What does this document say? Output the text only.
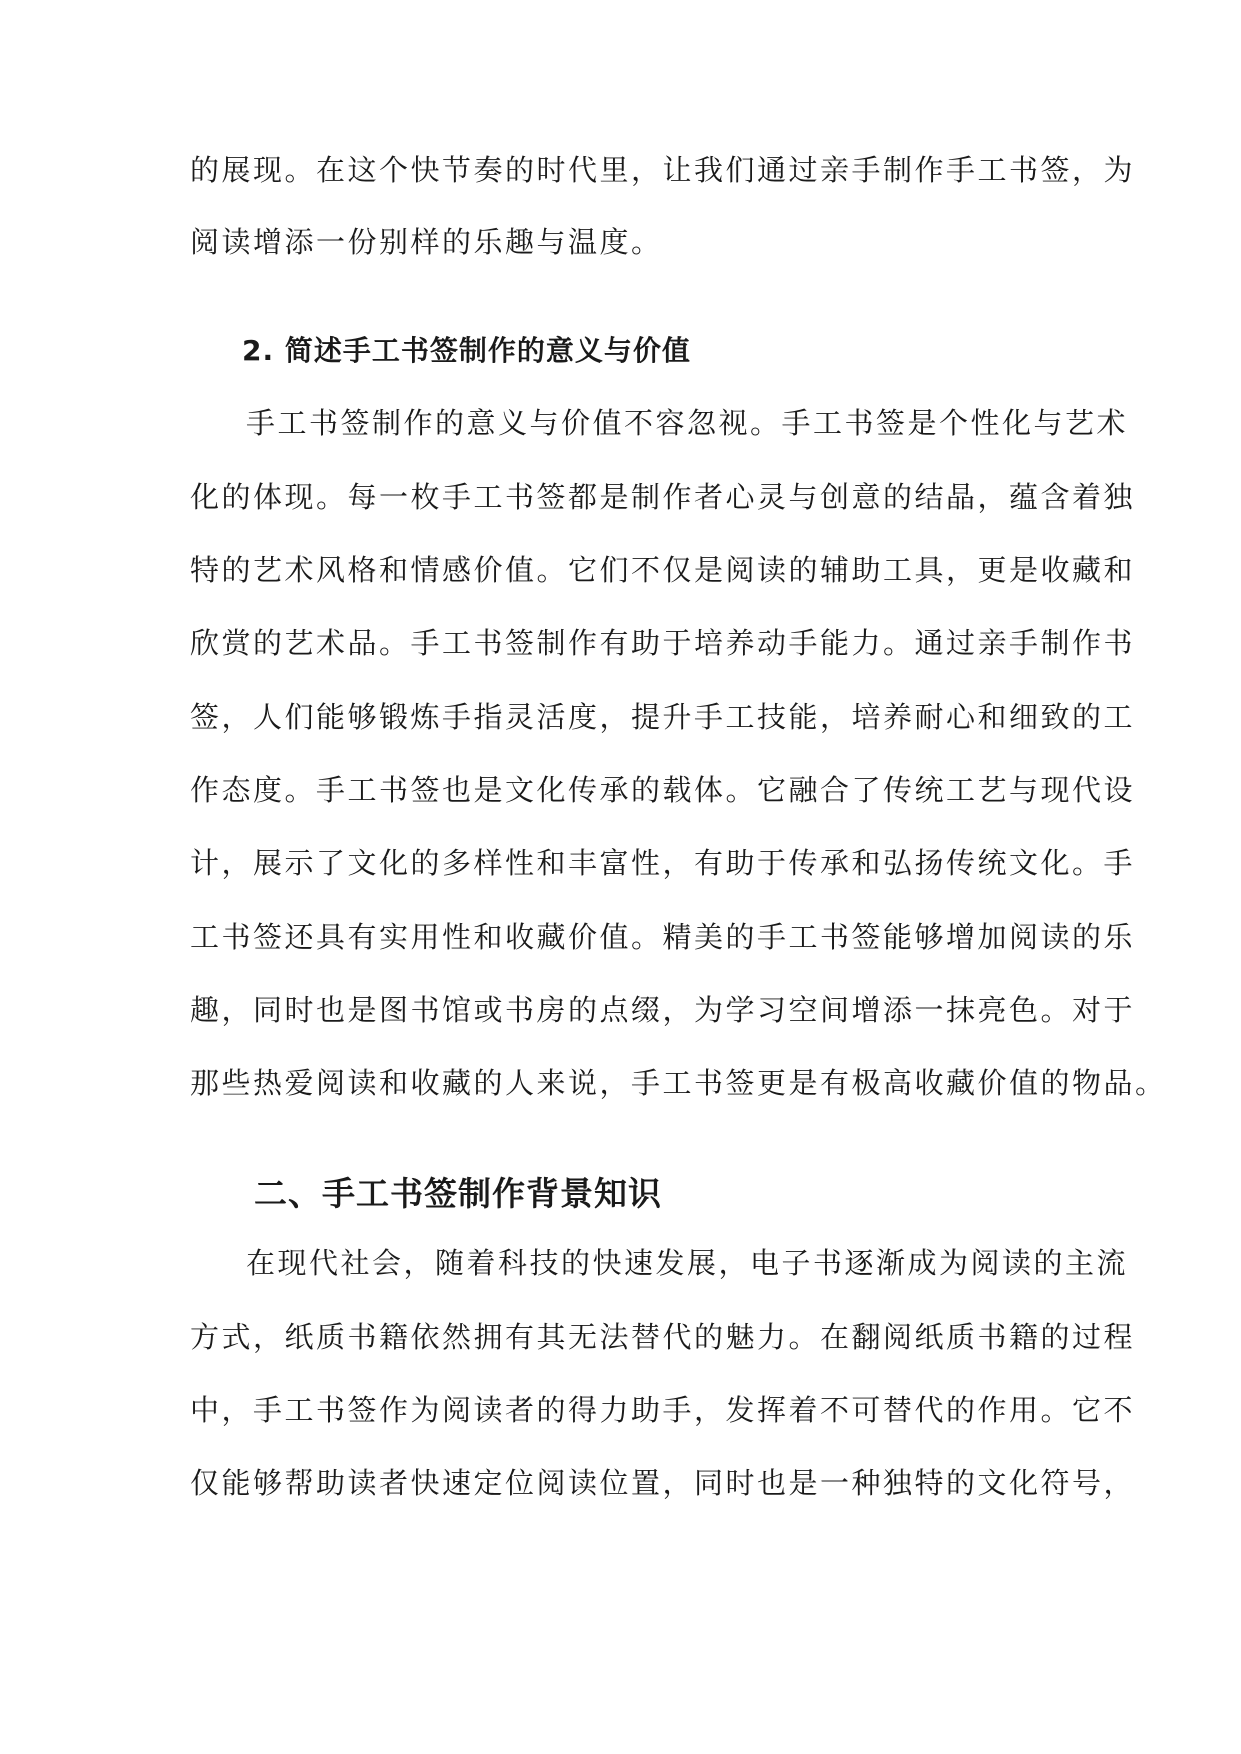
的展现。在这个快节奏的时代里，让我们通过亲手制作手工书签，为
阅读增添一份别样的乐趣与温度。
2. 简述手工书签制作的意义与价值
手工书签制作的意义与价值不容忽视。手工书签是个性化与艺术
化的体现。每一枚手工书签都是制作者心灵与创意的结晶，蕴含着独
特的艺术风格和情感价值。它们不仅是阅读的辅助工具，更是收藏和
欣赏的艺术品。手工书签制作有助于培养动手能力。通过亲手制作书
签，人们能够锻炼手指灵活度，提升手工技能，培养耐心和细致的工
作态度。手工书签也是文化传承的载体。它融合了传统工艺与现代设
计，展示了文化的多样性和丰富性，有助于传承和弘扬传统文化。手
工书签还具有实用性和收藏价值。精美的手工书签能够增加阅读的乐
趣，同时也是图书馆或书房的点缀，为学习空间增添一抹亮色。对于
那些热爱阅读和收藏的人来说，手工书签更是有极高收藏价值的物品。
二、手工书签制作背景知识
在现代社会，随着科技的快速发展，电子书逐渐成为阅读的主流
方式，纸质书籍依然拥有其无法替代的魅力。在翻阅纸质书籍的过程
中，手工书签作为阅读者的得力助手，发挥着不可替代的作用。它不
仅能够帮助读者快速定位阅读位置，同时也是一种独特的文化符号，
